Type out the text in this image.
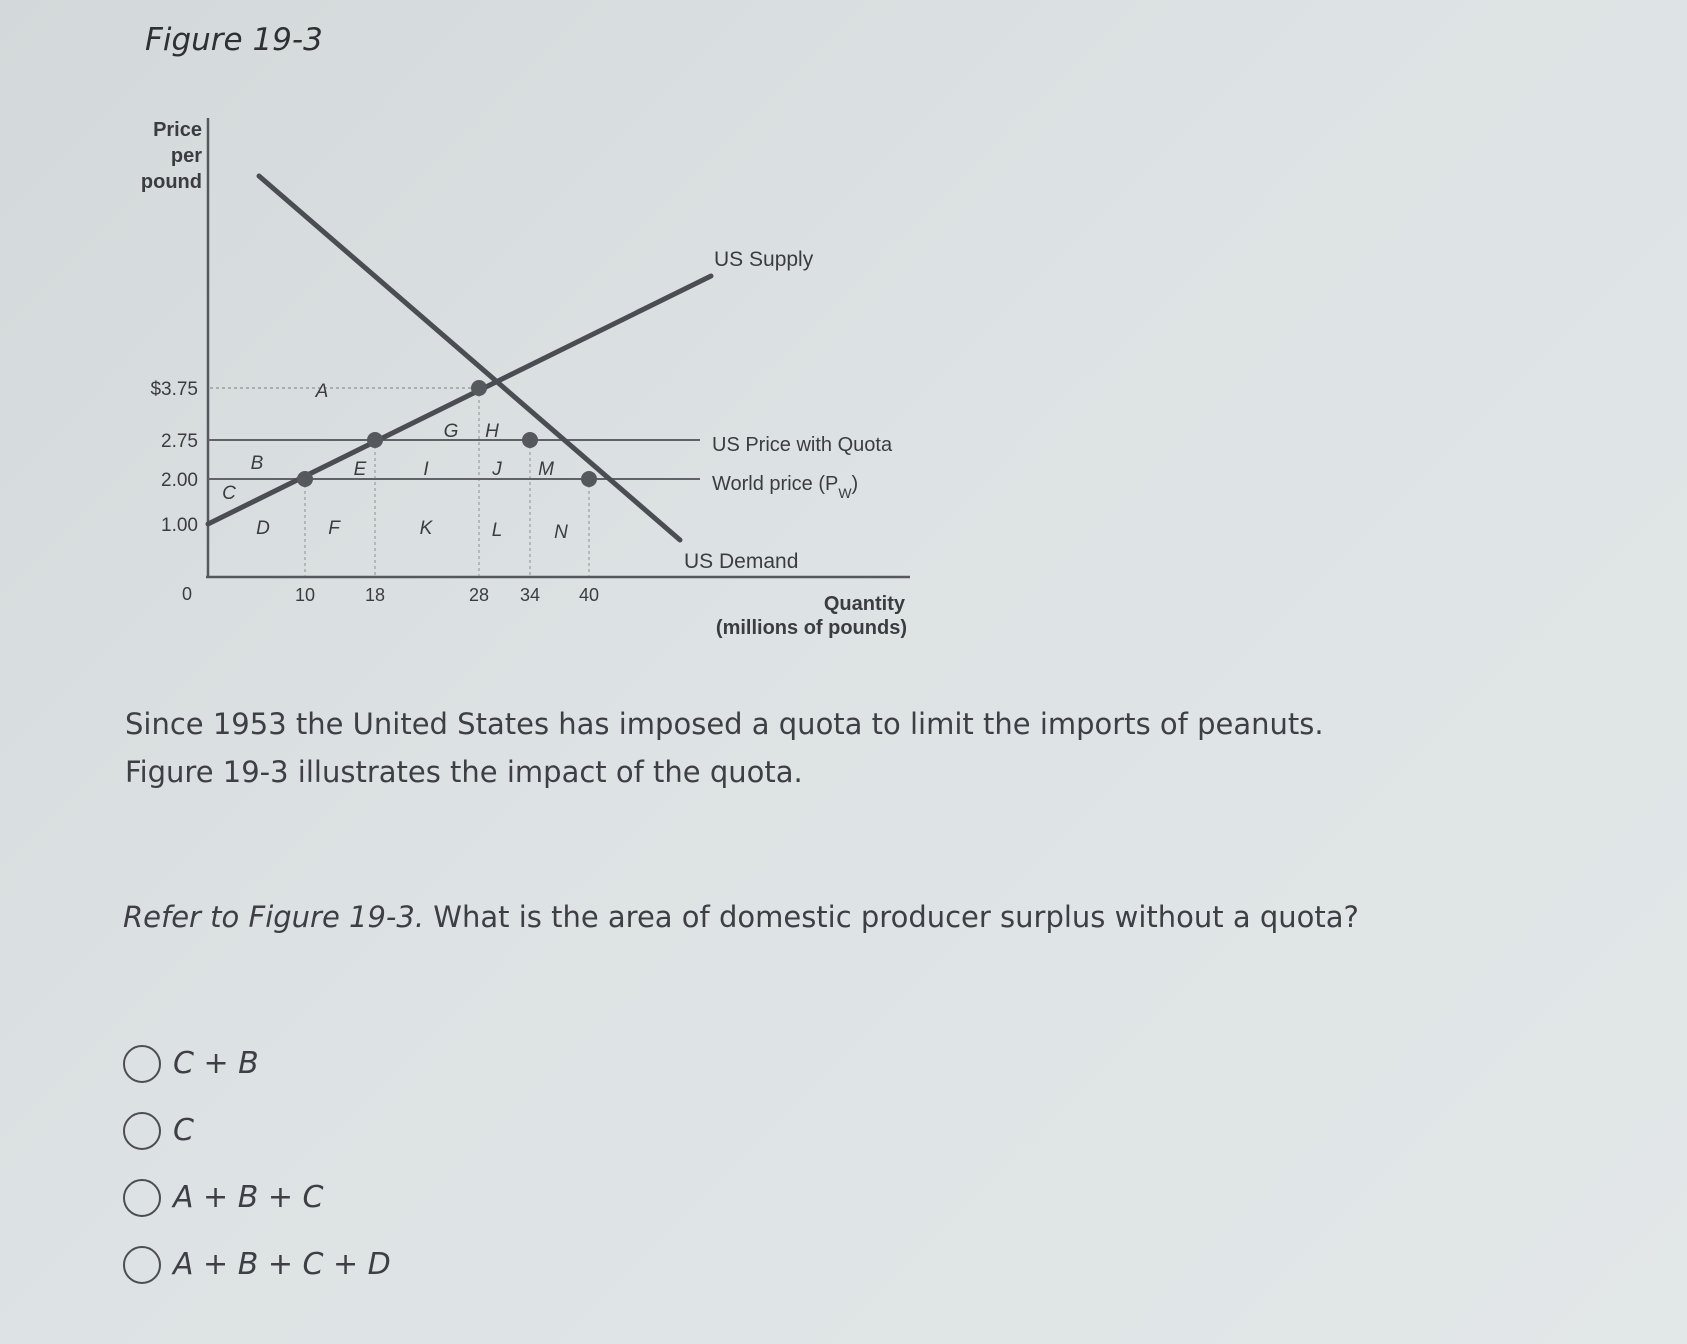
Figure 19-3
Price per pound
Quantity
(millions of pounds)
0
$3.75
2.75
2.00
1.00
10	18	28 34 40
US Price with Quota
World price $(P_W)$
US Supply
US Demand
A
B
C
D
E
F
G H
I	J
K	L
M
N
Since 1953 the United States has imposed a quota to limit the imports of peanuts. Figure 19-3 illustrates the impact of the quota.
Refer to Figure 19-3. What is the area of domestic producer surplus without a quota?
C + B
C
A + B + C
A + B + C + D
